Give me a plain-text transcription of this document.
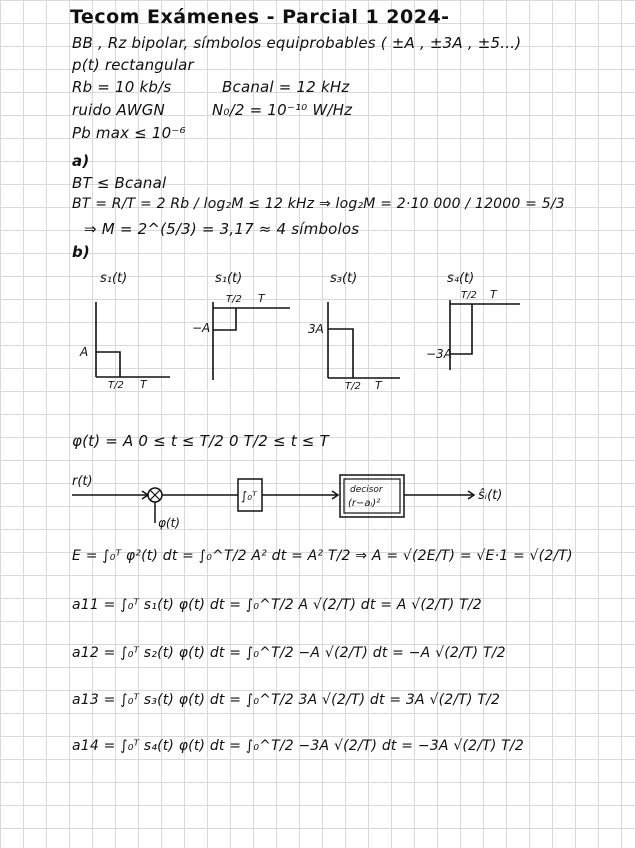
Tecom Exámenes - Parcial 1 2024-
BB , Rz bipolar, símbolos equiprobables ( ±A , ±3A , ±5...)
p(t) rectangular
Rb = 10 kb/s	Bcanal = 12 kHz
ruido AWGN	N₀/2 = 10⁻¹⁰ W/Hz
Pb max ≤ 10⁻⁶
a)
BT ≤ Bcanal
BT = R/T = 2 Rb / log₂M ≤ 12 kHz ⇒ log₂M = 2·10 000 / 12000 = 5/3
⇒ M = 2^(5/3) = 3,17 ≈ 4 símbolos
b)
s₁(t)
A
T/2 T
s₁(t)
−A
T/2 T
s₃(t)
3A
T/2 T
s₄(t)
−3A
T/2 T
φ(t) = A 0 ≤ t ≤ T/2 0 T/2 ≤ t ≤ T
r(t)
φ(t)
∫₀ᵀ	decisor
(r−aᵢ)²
ŝᵢ(t)
E = ∫₀ᵀ φ²(t) dt = ∫₀^T/2 A² dt = A² T/2 ⇒ A = √(2E/T) = √E·1 = √(2/T)
a11 = ∫₀ᵀ s₁(t) φ(t) dt = ∫₀^T/2 A √(2/T) dt = A √(2/T) T/2
a12 = ∫₀ᵀ s₂(t) φ(t) dt = ∫₀^T/2 −A √(2/T) dt = −A √(2/T) T/2
a13 = ∫₀ᵀ s₃(t) φ(t) dt = ∫₀^T/2 3A √(2/T) dt = 3A √(2/T) T/2
a14 = ∫₀ᵀ s₄(t) φ(t) dt = ∫₀^T/2 −3A √(2/T) dt = −3A √(2/T) T/2
